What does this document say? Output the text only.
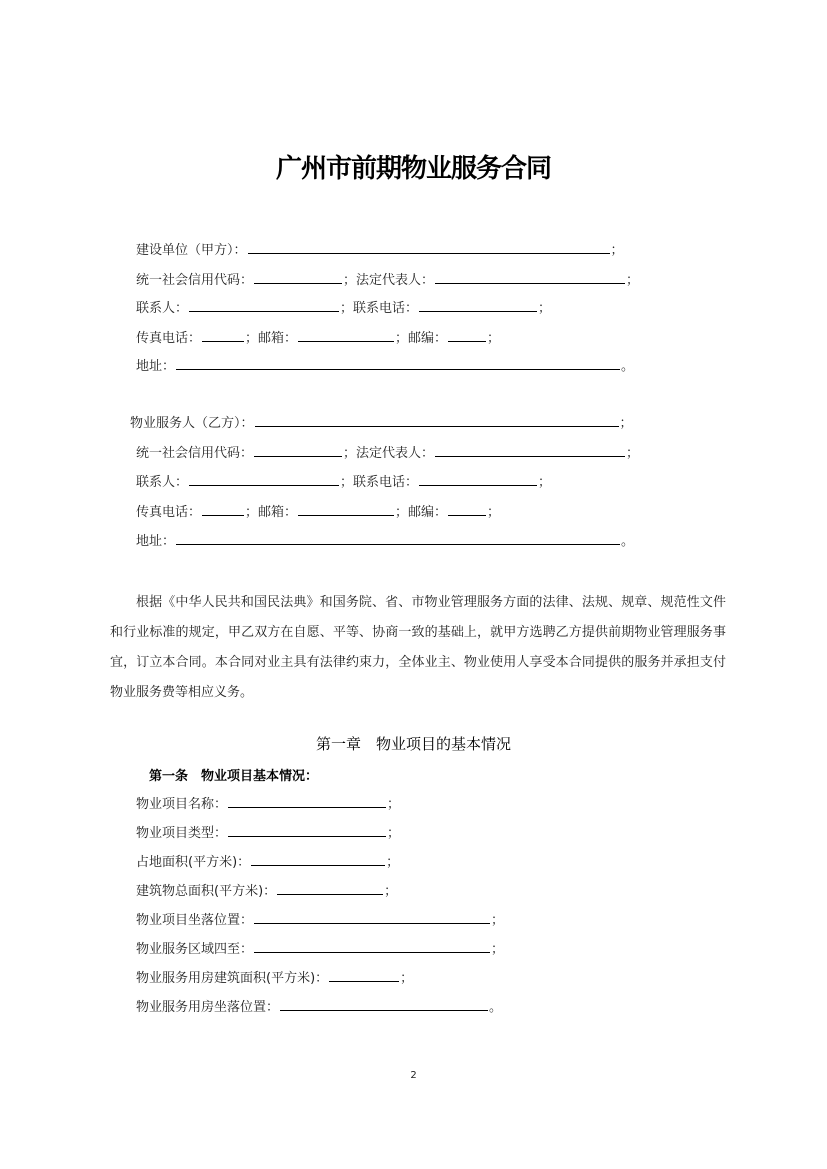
广州市前期物业服务合同
建设单位（甲方）：	；
统一社会信用代码：	；法定代表人：	；
联系人：	；联系电话：	；
传真电话：	；邮箱：	；邮编：	；
地址：	。
物业服务人（乙方）：	；
统一社会信用代码：	；法定代表人：	；
联系人：	；联系电话：	；
传真电话：	；邮箱：	；邮编：	；
地址：	。
根据《中华人民共和国民法典》和国务院、省、市物业管理服务方面的法律、法规、规章、规范性文件和行业标准的规定，甲乙双方在自愿、平等、协商一致的基础上，就甲方选聘乙方提供前期物业管理服务事宜，订立本合同。本合同对业主具有法律约束力，全体业主、物业使用人享受本合同提供的服务并承担支付物业服务费等相应义务。
第一章　物业项目的基本情况
第一条　物业项目基本情况：
物业项目名称：	；
物业项目类型：	；
占地面积(平方米)：	；
建筑物总面积(平方米)：	；
物业项目坐落位置：	；
物业服务区域四至：	；
物业服务用房建筑面积(平方米)：	；
物业服务用房坐落位置：	。
2
